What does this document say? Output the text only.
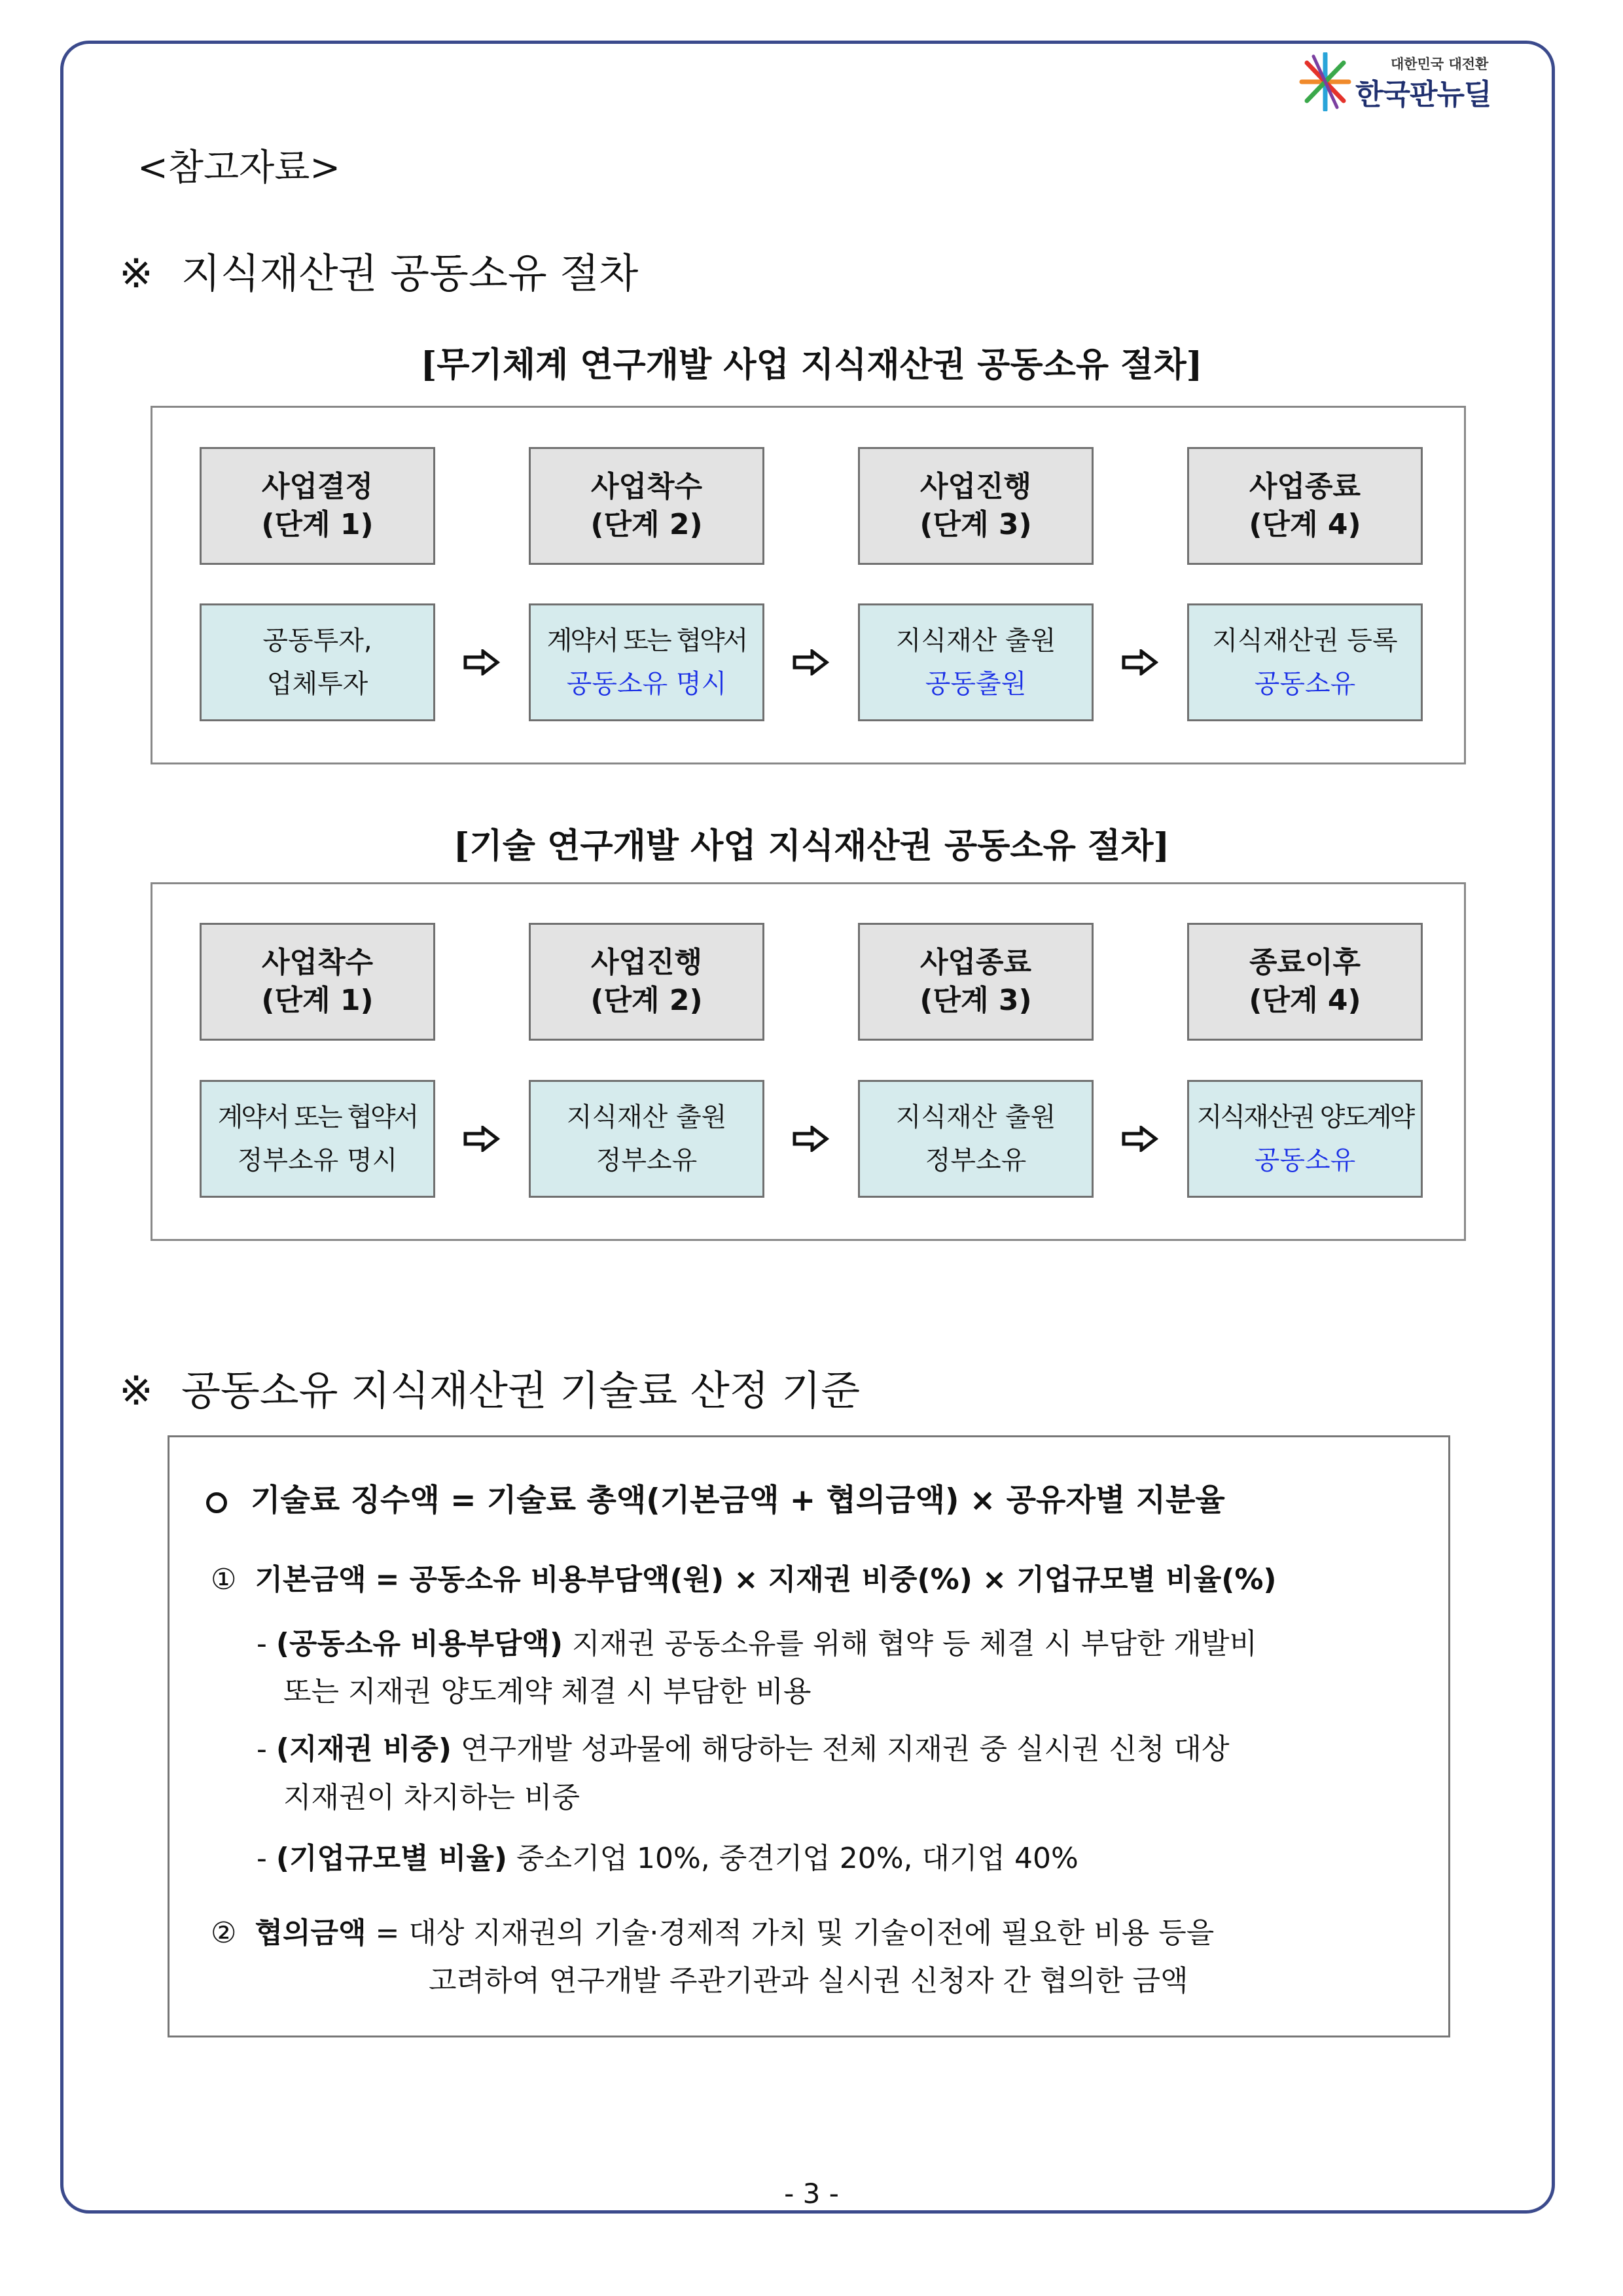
대한민국 대전환
한국판뉴딜
<참고자료>
※ 지식재산권 공동소유 절차
[무기체계 연구개발 사업 지식재산권 공동소유 절차]
사업결정
(단계 1)
사업착수
(단계 2)
사업진행
(단계 3)
사업종료
(단계 4)
공동투자,
업체투자
계약서 또는 협약서
공동소유 명시
지식재산 출원
공동출원
지식재산권 등록
공동소유
[기술 연구개발 사업 지식재산권 공동소유 절차]
사업착수
(단계 1)
사업진행
(단계 2)
사업종료
(단계 3)
종료이후
(단계 4)
계약서 또는 협약서
정부소유 명시
지식재산 출원
정부소유
지식재산 출원
정부소유
지식재산권 양도계약
공동소유
※ 공동소유 지식재산권 기술료 산정 기준
기술료 징수액 = 기술료 총액(기본금액 + 협의금액) × 공유자별 지분율
① 기본금액 = 공동소유 비용부담액(원) × 지재권 비중(%) × 기업규모별 비율(%)
- (공동소유 비용부담액) 지재권 공동소유를 위해 협약 등 체결 시 부담한 개발비
또는 지재권 양도계약 체결 시 부담한 비용
- (지재권 비중) 연구개발 성과물에 해당하는 전체 지재권 중 실시권 신청 대상
지재권이 차지하는 비중
- (기업규모별 비율) 중소기업 10%, 중견기업 20%, 대기업 40%
② 협의금액 = 대상 지재권의 기술·경제적 가치 및 기술이전에 필요한 비용 등을
고려하여 연구개발 주관기관과 실시권 신청자 간 협의한 금액
- 3 -
